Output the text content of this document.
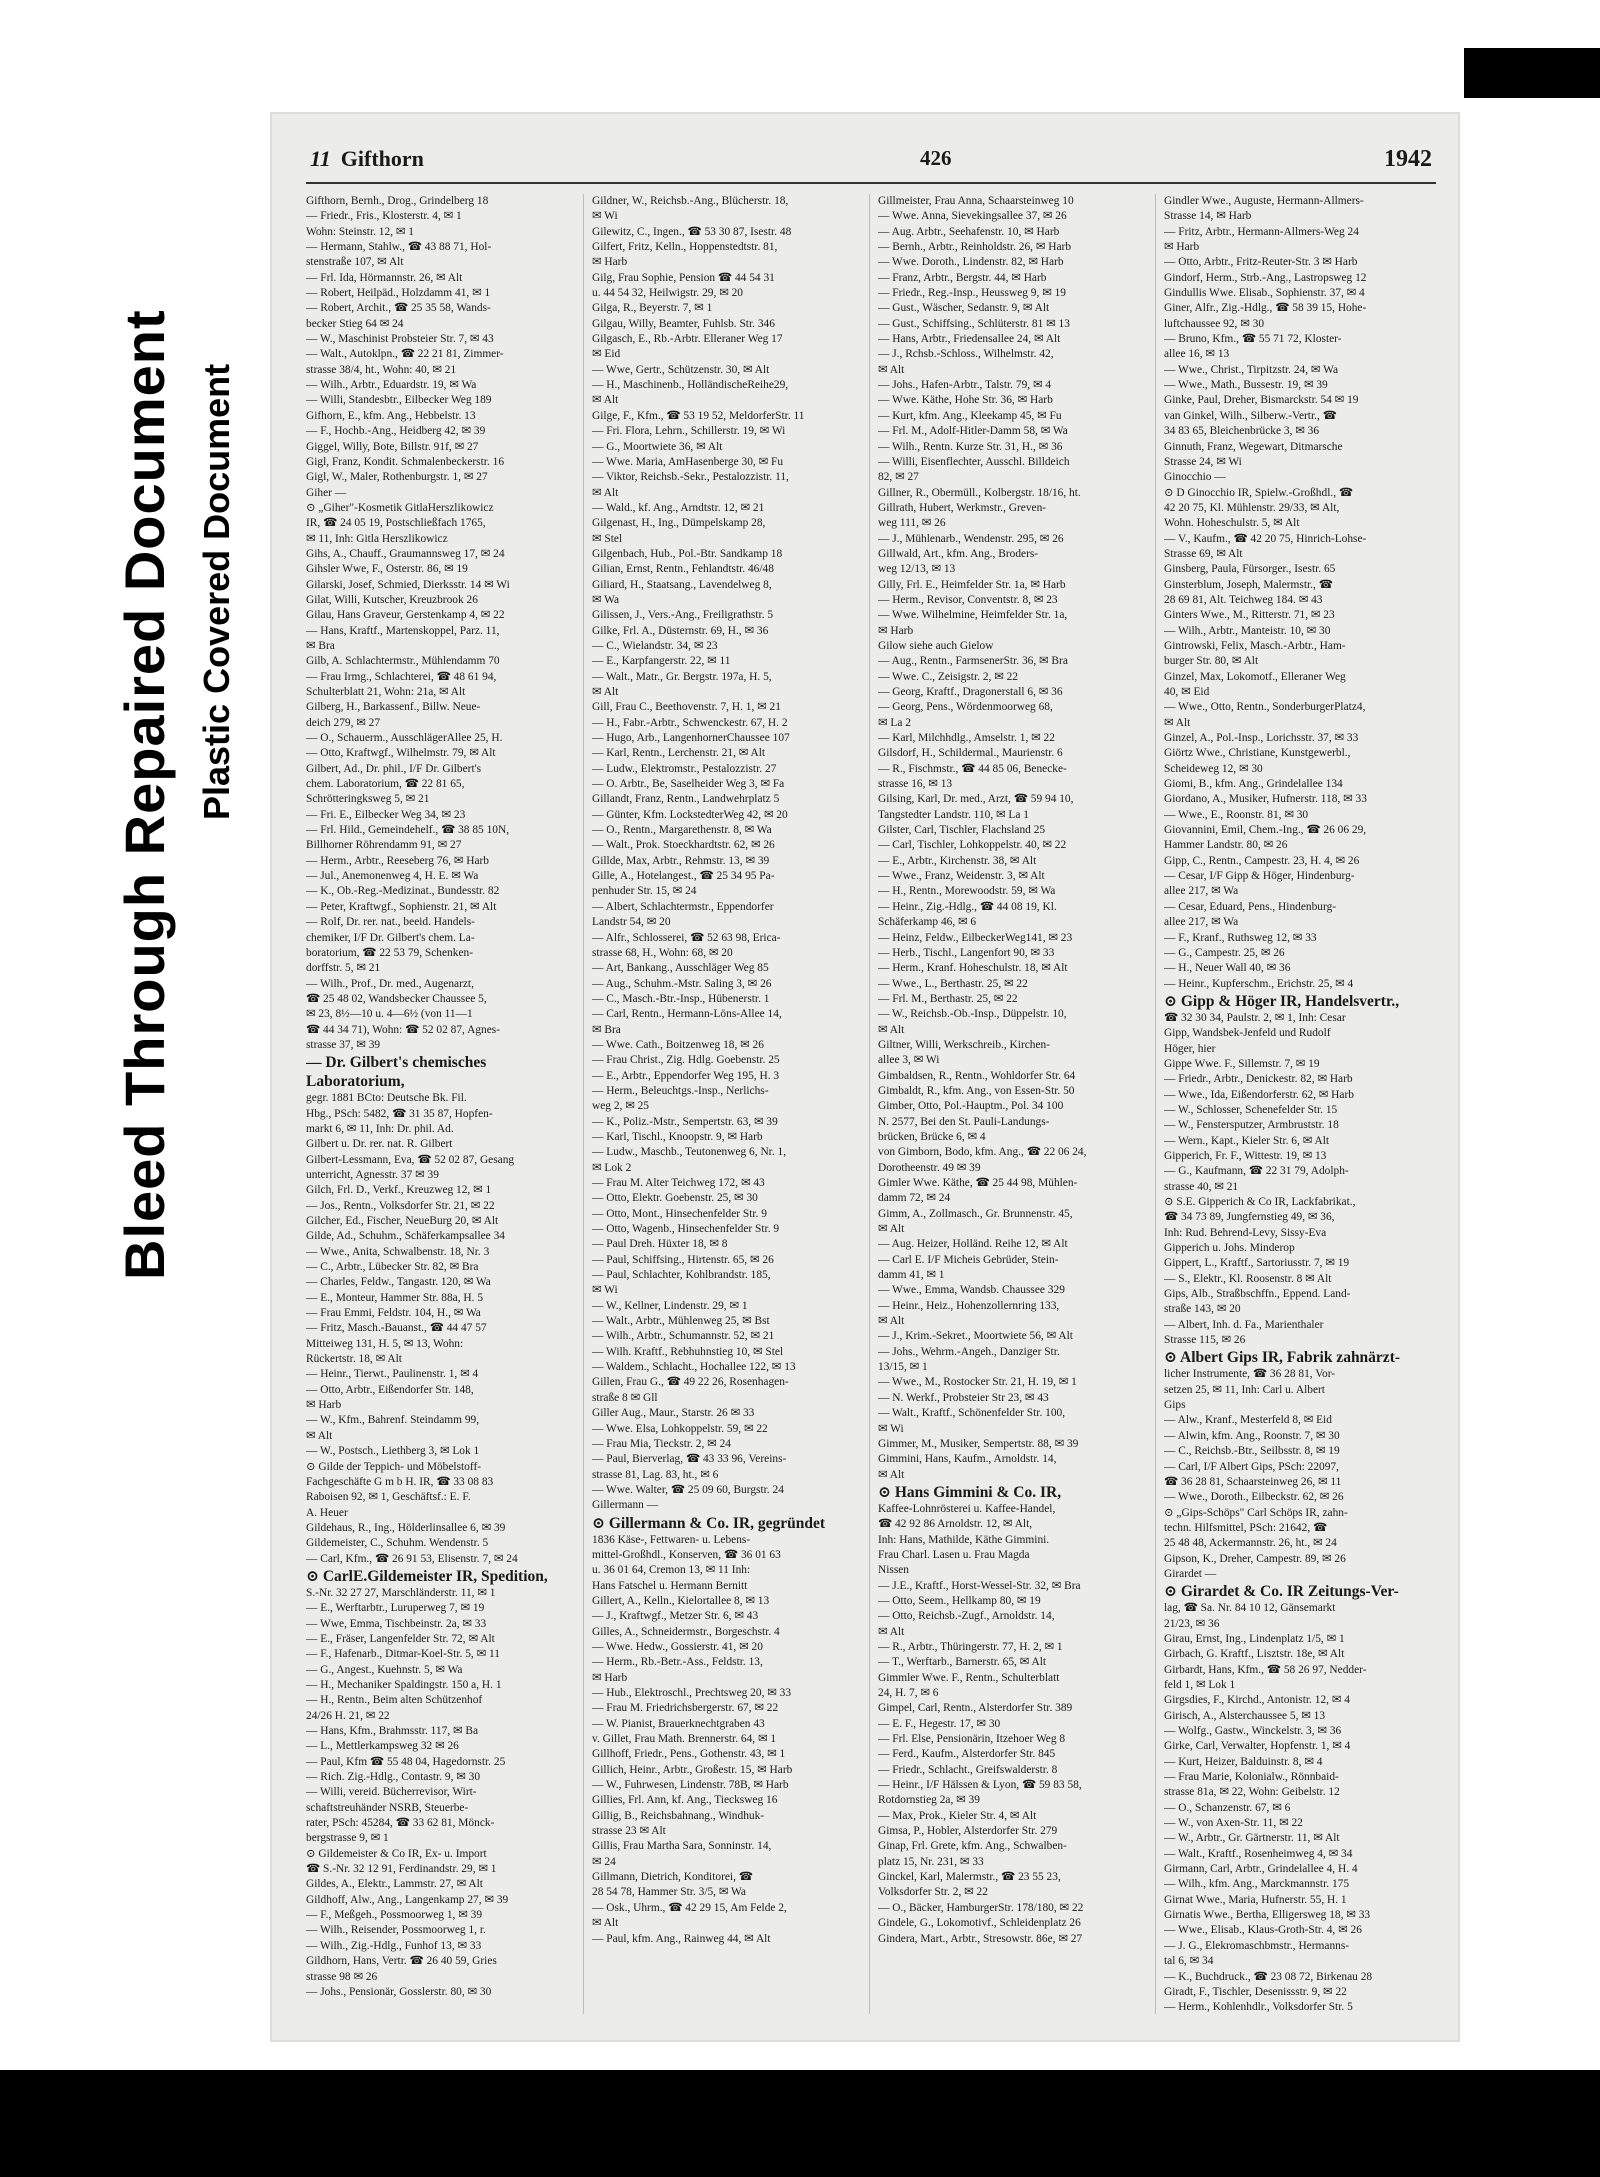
Bleed Through Repaired Document Plastic Covered Document
11 Gifthorn	426	1942
Gifthorn, Bernh., Drog., Grindelberg 18
— Friedr., Fris., Klosterstr. 4, ✉ 1
Wohn: Steinstr. 12, ✉ 1
— Hermann, Stahlw., ☎ 43 88 71, Hol-
stenstraße 107, ✉ Alt
— Frl. Ida, Hörmannstr. 26, ✉ Alt
— Robert, Heilpäd., Holzdamm 41, ✉ 1
— Robert, Archit., ☎ 25 35 58, Wands-
becker Stieg 64 ✉ 24
— W., Maschinist Probsteier Str. 7, ✉ 43
— Walt., Autoklpn., ☎ 22 21 81, Zimmer-
strasse 38/4, ht., Wohn: 40, ✉ 21
— Wilh., Arbtr., Eduardstr. 19, ✉ Wa
— Willi, Standesbtr., Eilbecker Weg 189
Gifhorn, E., kfm. Ang., Hebbelstr. 13
— F., Hochb.-Ang., Heidberg 42, ✉ 39
Giggel, Willy, Bote, Billstr. 91f, ✉ 27
Gigl, Franz, Kondit. Schmalenbeckerstr. 16
Gigl, W., Maler, Rothenburgstr. 1, ✉ 27
Giher —
⊙ „Giher"-Kosmetik GitlaHerszlikowicz
IR, ☎ 24 05 19, Postschließfach 1765,
✉ 11, Inh: Gitla Herszlikowicz
Gihs, A., Chauff., Graumannsweg 17, ✉ 24
Gihsler Wwe, F., Osterstr. 86, ✉ 19
Gilarski, Josef, Schmied, Dierksstr. 14 ✉ Wi
Gilat, Willi, Kutscher, Kreuzbrook 26
Gilau, Hans Graveur, Gerstenkamp 4, ✉ 22
— Hans, Kraftf., Martenskoppel, Parz. 11,
✉ Bra
Gilb, A. Schlachtermstr., Mühlendamm 70
— Frau Irmg., Schlachterei, ☎ 48 61 94,
Schulterblatt 21, Wohn: 21a, ✉ Alt
Gilberg, H., Barkassenf., Billw. Neue-
deich 279, ✉ 27
— O., Schauerm., AusschlägerAllee 25, H.
— Otto, Kraftwgf., Wilhelmstr. 79, ✉ Alt
Gilbert, Ad., Dr. phil., I/F Dr. Gilbert's
chem. Laboratorium, ☎ 22 81 65,
Schrötteringksweg 5, ✉ 21
— Fri. E., Eilbecker Weg 34, ✉ 23
— Frl. Hild., Gemeindehelf., ☎ 38 85 10N,
Billhorner Röhrendamm 91, ✉ 27
— Herm., Arbtr., Reeseberg 76, ✉ Harb
— Jul., Anemonenweg 4, H. E. ✉ Wa
— K., Ob.-Reg.-Medizinat., Bundesstr. 82
— Peter, Kraftwgf., Sophienstr. 21, ✉ Alt
— Rolf, Dr. rer. nat., beeid. Handels-
chemiker, I/F Dr. Gilbert's chem. La-
boratorium, ☎ 22 53 79, Schenken-
dorffstr. 5, ✉ 21
— Wilh., Prof., Dr. med., Augenarzt,
☎ 25 48 02, Wandsbecker Chaussee 5,
✉ 23, 8½—10 u. 4—6½ (von 11—1
☎ 44 34 71), Wohn: ☎ 52 02 87, Agnes-
strasse 37, ✉ 39
— Dr. Gilbert's chemisches
Laboratorium,
gegr. 1881 BCto: Deutsche Bk. Fil.
Hbg., PSch: 5482, ☎ 31 35 87, Hopfen-
markt 6, ✉ 11, Inh: Dr. phil. Ad.
Gilbert u. Dr. rer. nat. R. Gilbert
Gilbert-Lessmann, Eva, ☎ 52 02 87, Gesang
unterricht, Agnesstr. 37 ✉ 39
Gilch, Frl. D., Verkf., Kreuzweg 12, ✉ 1
— Jos., Rentn., Volksdorfer Str. 21, ✉ 22
Gilcher, Ed., Fischer, NeueBurg 20, ✉ Alt
Gilde, Ad., Schuhm., Schäferkampsallee 34
— Wwe., Anita, Schwalbenstr. 18, Nr. 3
— C., Arbtr., Lübecker Str. 82, ✉ Bra
— Charles, Feldw., Tangastr. 120, ✉ Wa
— E., Monteur, Hammer Str. 88a, H. 5
— Frau Emmi, Feldstr. 104, H., ✉ Wa
— Fritz, Masch.-Bauanst., ☎ 44 47 57
Mitteiweg 131, H. 5, ✉ 13, Wohn:
Rückertstr. 18, ✉ Alt
— Heinr., Tierwt., Paulinenstr. 1, ✉ 4
— Otto, Arbtr., Eißendorfer Str. 148,
✉ Harb
— W., Kfm., Bahrenf. Steindamm 99,
✉ Alt
— W., Postsch., Liethberg 3, ✉ Lok 1
⊙ Gilde der Teppich- und Möbelstoff-
Fachgeschäfte G m b H. IR, ☎ 33 08 83
Raboisen 92, ✉ 1, Geschäftsf.: E. F.
A. Heuer
Gildehaus, R., Ing., Hölderlinsallee 6, ✉ 39
Gildemeister, C., Schuhm. Wendenstr. 5
— Carl, Kfm., ☎ 26 91 53, Elisenstr. 7, ✉ 24
⊙ CarlE.Gildemeister IR, Spedition,
S.-Nr. 32 27 27, Marschländerstr. 11, ✉ 1
— E., Werftarbtr., Luruperweg 7, ✉ 19
— Wwe, Emma, Tischbeinstr. 2a, ✉ 33
— E., Fräser, Langenfelder Str. 72, ✉ Alt
— F., Hafenarb., Ditmar-Koel-Str. 5, ✉ 11
— G., Angest., Kuehnstr. 5, ✉ Wa
— H., Mechaniker Spaldingstr. 150 a, H. 1
— H., Rentn., Beim alten Schützenhof
24/26 H. 21, ✉ 22
— Hans, Kfm., Brahmsstr. 117, ✉ Ba
— L., Mettlerkampsweg 32 ✉ 26
— Paul, Kfm ☎ 55 48 04, Hagedornstr. 25
— Rich. Zig.-Hdlg., Contastr. 9, ✉ 30
— Willi, vereid. Bücherrevisor, Wirt-
schaftstreuhänder NSRB, Steuerbe-
rater, PSch: 45284, ☎ 33 62 81, Mönck-
bergstrasse 9, ✉ 1
⊙ Gildemeister & Co IR, Ex- u. Import
☎ S.-Nr. 32 12 91, Ferdinandstr. 29, ✉ 1
Gildes, A., Elektr., Lammstr. 27, ✉ Alt
Gildhoff, Alw., Ang., Langenkamp 27, ✉ 39
— F., Meßgeh., Possmoorweg 1, ✉ 39
— Wilh., Reisender, Possmoorweg 1, r.
— Wilh., Zig.-Hdlg., Funhof 13, ✉ 33
Gildhorn, Hans, Vertr. ☎ 26 40 59, Gries
strasse 98 ✉ 26
— Johs., Pensionär, Gosslerstr. 80, ✉ 30
Gildner, W., Reichsb.-Ang., Blücherstr. 18,
✉ Wi
Gilewitz, C., Ingen., ☎ 53 30 87, Isestr. 48
Gilfert, Fritz, Kelln., Hoppenstedtstr. 81,
✉ Harb
Gilg, Frau Sophie, Pension ☎ 44 54 31
u. 44 54 32, Heilwigstr. 29, ✉ 20
Gilga, R., Beyerstr. 7, ✉ 1
Gilgau, Willy, Beamter, Fuhlsb. Str. 346
Gilgasch, E., Rb.-Arbtr. Elleraner Weg 17
✉ Eid
— Wwe, Gertr., Schützenstr. 30, ✉ Alt
— H., Maschinenb., HolländischeReihe29,
✉ Alt
Gilge, F., Kfm., ☎ 53 19 52, MeldorferStr. 11
— Fri. Flora, Lehrn., Schillerstr. 19, ✉ Wi
— G., Moortwiete 36, ✉ Alt
— Wwe. Maria, AmHasenberge 30, ✉ Fu
— Viktor, Reichsb.-Sekr., Pestalozzistr. 11,
✉ Alt
— Wald., kf. Ang., Arndtstr. 12, ✉ 21
Gilgenast, H., Ing., Dümpelskamp 28,
✉ Stel
Gilgenbach, Hub., Pol.-Btr. Sandkamp 18
Gilian, Ernst, Rentn., Fehlandtstr. 46/48
Giliard, H., Staatsang., Lavendelweg 8,
✉ Wa
Gilissen, J., Vers.-Ang., Freiligrathstr. 5
Gilke, Frl. A., Düsternstr. 69, H., ✉ 36
— C., Wielandstr. 34, ✉ 23
— E., Karpfangerstr. 22, ✉ 11
— Walt., Matr., Gr. Bergstr. 197a, H. 5,
✉ Alt
Gill, Frau C., Beethovenstr. 7, H. 1, ✉ 21
— H., Fabr.-Arbtr., Schwenckestr. 67, H. 2
— Hugo, Arb., LangenhornerChaussee 107
— Karl, Rentn., Lerchenstr. 21, ✉ Alt
— Ludw., Elektromstr., Pestalozzistr. 27
— O. Arbtr., Be, Saselheider Weg 3, ✉ Fa
Gillandt, Franz, Rentn., Landwehrplatz 5
— Günter, Kfm. LockstedterWeg 42, ✉ 20
— O., Rentn., Margarethenstr. 8, ✉ Wa
— Walt., Prok. Stoeckhardtstr. 62, ✉ 26
Gillde, Max, Arbtr., Rehmstr. 13, ✉ 39
Gille, A., Hotelangest., ☎ 25 34 95 Pa-
penhuder Str. 15, ✉ 24
— Albert, Schlachtermstr., Eppendorfer
Landstr 54, ✉ 20
— Alfr., Schlosserei, ☎ 52 63 98, Erica-
strasse 68, H., Wohn: 68, ✉ 20
— Art, Bankang., Ausschläger Weg 85
— Aug., Schuhm.-Mstr. Saling 3, ✉ 26
— C., Masch.-Btr.-Insp., Hübenerstr. 1
— Carl, Rentn., Hermann-Löns-Allee 14,
✉ Bra
— Wwe. Cath., Boitzenweg 18, ✉ 26
— Frau Christ., Zig. Hdlg. Goebenstr. 25
— E., Arbtr., Eppendorfer Weg 195, H. 3
— Herm., Beleuchtgs.-Insp., Nerlichs-
weg 2, ✉ 25
— K., Poliz.-Mstr., Sempertstr. 63, ✉ 39
— Karl, Tischl., Knoopstr. 9, ✉ Harb
— Ludw., Maschb., Teutonenweg 6, Nr. 1,
✉ Lok 2
— Frau M. Alter Teichweg 172, ✉ 43
— Otto, Elektr. Goebenstr. 25, ✉ 30
— Otto, Mont., Hinsechenfelder Str. 9
— Otto, Wagenb., Hinsechenfelder Str. 9
— Paul Dreh. Hüxter 18, ✉ 8
— Paul, Schiffsing., Hirtenstr. 65, ✉ 26
— Paul, Schlachter, Kohlbrandstr. 185,
✉ Wi
— W., Kellner, Lindenstr. 29, ✉ 1
— Walt., Arbtr., Mühlenweg 25, ✉ Bst
— Wilh., Arbtr., Schumannstr. 52, ✉ 21
— Wilh. Kraftf., Rebhuhnstieg 10, ✉ Stel
— Waldem., Schlacht., Hochallee 122, ✉ 13
Gillen, Frau G., ☎ 49 22 26, Rosenhagen-
straße 8 ✉ Gll
Giller Aug., Maur., Starstr. 26 ✉ 33
— Wwe. Elsa, Lohkoppelstr. 59, ✉ 22
— Frau Mia, Tieckstr. 2, ✉ 24
— Paul, Bierverlag, ☎ 43 33 96, Vereins-
strasse 81, Lag. 83, ht., ✉ 6
— Wwe. Walter, ☎ 25 09 60, Burgstr. 24
Gillermann —
⊙ Gillermann & Co. IR, gegründet
1836 Käse-, Fettwaren- u. Lebens-
mittel-Großhdl., Konserven, ☎ 36 01 63
u. 36 01 64, Cremon 13, ✉ 11 Inh:
Hans Fatschel u. Hermann Bernitt
Gillert, A., Kelln., Kielortallee 8, ✉ 13
— J., Kraftwgf., Metzer Str. 6, ✉ 43
Gilles, A., Schneidermstr., Borgeschstr. 4
— Wwe. Hedw., Gossierstr. 41, ✉ 20
— Herm., Rb.-Betr.-Ass., Feldstr. 13,
✉ Harb
— Hub., Elektroschl., Prechtsweg 20, ✉ 33
— Frau M. Friedrichsbergerstr. 67, ✉ 22
— W. Pianist, Brauerknechtgraben 43
v. Gillet, Frau Math. Brennerstr. 64, ✉ 1
Gillhoff, Friedr., Pens., Gothenstr. 43, ✉ 1
Gillich, Heinr., Arbtr., Großestr. 15, ✉ Harb
— W., Fuhrwesen, Lindenstr. 78B, ✉ Harb
Gillies, Frl. Ann, kf. Ang., Tiecksweg 16
Gillig, B., Reichsbahnang., Windhuk-
strasse 23 ✉ Alt
Gillis, Frau Martha Sara, Sonninstr. 14,
✉ 24
Gillmann, Dietrich, Konditorei, ☎
28 54 78, Hammer Str. 3/5, ✉ Wa
— Osk., Uhrm., ☎ 42 29 15, Am Felde 2,
✉ Alt
— Paul, kfm. Ang., Rainweg 44, ✉ Alt
Gillmeister, Frau Anna, Schaarsteinweg 10
— Wwe. Anna, Sievekingsallee 37, ✉ 26
— Aug. Arbtr., Seehafenstr. 10, ✉ Harb
— Bernh., Arbtr., Reinholdstr. 26, ✉ Harb
— Wwe. Doroth., Lindenstr. 82, ✉ Harb
— Franz, Arbtr., Bergstr. 44, ✉ Harb
— Friedr., Reg.-Insp., Heussweg 9, ✉ 19
— Gust., Wäscher, Sedanstr. 9, ✉ Alt
— Gust., Schiffsing., Schlüterstr. 81 ✉ 13
— Hans, Arbtr., Friedensallee 24, ✉ Alt
— J., Rchsb.-Schloss., Wilhelmstr. 42,
✉ Alt
— Johs., Hafen-Arbtr., Talstr. 79, ✉ 4
— Wwe. Käthe, Hohe Str. 36, ✉ Harb
— Kurt, kfm. Ang., Kleekamp 45, ✉ Fu
— Frl. M., Adolf-Hitler-Damm 58, ✉ Wa
— Wilh., Rentn. Kurze Str. 31, H., ✉ 36
— Willi, Eisenflechter, Ausschl. Billdeich
82, ✉ 27
Gillner, R., Obermüll., Kolbergstr. 18/16, ht.
Gillrath, Hubert, Werkmstr., Greven-
weg 111, ✉ 26
— J., Mühlenarb., Wendenstr. 295, ✉ 26
Gillwald, Art., kfm. Ang., Broders-
weg 12/13, ✉ 13
Gilly, Frl. E., Heimfelder Str. 1a, ✉ Harb
— Herm., Revisor, Conventstr. 8, ✉ 23
— Wwe. Wilhelmine, Heimfelder Str. 1a,
✉ Harb
Gilow siehe auch Gielow
— Aug., Rentn., FarmsenerStr. 36, ✉ Bra
— Wwe. C., Zeisigstr. 2, ✉ 22
— Georg, Kraftf., Dragonerstall 6, ✉ 36
— Georg, Pens., Wördenmoorweg 68,
✉ La 2
— Karl, Milchhdlg., Amselstr. 1, ✉ 22
Gilsdorf, H., Schildermal., Maurienstr. 6
— R., Fischmstr., ☎ 44 85 06, Benecke-
strasse 16, ✉ 13
Gilsing, Karl, Dr. med., Arzt, ☎ 59 94 10,
Tangstedter Landstr. 110, ✉ La 1
Gilster, Carl, Tischler, Flachsland 25
— Carl, Tischler, Lohkoppelstr. 40, ✉ 22
— E., Arbtr., Kirchenstr. 38, ✉ Alt
— Wwe., Franz, Weidenstr. 3, ✉ Alt
— H., Rentn., Morewoodstr. 59, ✉ Wa
— Heinr., Zig.-Hdlg., ☎ 44 08 19, Kl.
Schäferkamp 46, ✉ 6
— Heinz, Feldw., EilbeckerWeg141, ✉ 23
— Herb., Tischl., Langenfort 90, ✉ 33
— Herm., Kranf. Hoheschulstr. 18, ✉ Alt
— Wwe., L., Berthastr. 25, ✉ 22
— Frl. M., Berthastr. 25, ✉ 22
— W., Reichsb.-Ob.-Insp., Düppelstr. 10,
✉ Alt
Giltner, Willi, Werkschreib., Kirchen-
allee 3, ✉ Wi
Gimbaldsen, R., Rentn., Wohldorfer Str. 64
Gimbaldt, R., kfm. Ang., von Essen-Str. 50
Gimber, Otto, Pol.-Hauptm., Pol. 34 100
N. 2577, Bei den St. Pauli-Landungs-
brücken, Brücke 6, ✉ 4
von Gimborn, Bodo, kfm. Ang., ☎ 22 06 24,
Dorotheenstr. 49 ✉ 39
Gimler Wwe. Käthe, ☎ 25 44 98, Mühlen-
damm 72, ✉ 24
Gimm, A., Zollmasch., Gr. Brunnenstr. 45,
✉ Alt
— Aug. Heizer, Holländ. Reihe 12, ✉ Alt
— Carl E. I/F Micheis Gebrüder, Stein-
damm 41, ✉ 1
— Wwe., Emma, Wandsb. Chaussee 329
— Heinr., Heiz., Hohenzollernring 133,
✉ Alt
— J., Krim.-Sekret., Moortwiete 56, ✉ Alt
— Johs., Wehrm.-Angeh., Danziger Str.
13/15, ✉ 1
— Wwe., M., Rostocker Str. 21, H. 19, ✉ 1
— N. Werkf., Probsteier Str 23, ✉ 43
— Walt., Kraftf., Schönenfelder Str. 100,
✉ Wi
Gimmer, M., Musiker, Sempertstr. 88, ✉ 39
Gimmini, Hans, Kaufm., Arnoldstr. 14,
✉ Alt
⊙ Hans Gimmini & Co. IR,
Kaffee-Lohnrösterei u. Kaffee-Handel,
☎ 42 92 86 Arnoldstr. 12, ✉ Alt,
Inh: Hans, Mathilde, Käthe Gimmini.
Frau Charl. Lasen u. Frau Magda
Nissen
— J.E., Kraftf., Horst-Wessel-Str. 32, ✉ Bra
— Otto, Seem., Hellkamp 80, ✉ 19
— Otto, Reichsb.-Zugf., Arnoldstr. 14,
✉ Alt
— R., Arbtr., Thüringerstr. 77, H. 2, ✉ 1
— T., Werftarb., Barnerstr. 65, ✉ Alt
Gimmler Wwe. F., Rentn., Schulterblatt
24, H. 7, ✉ 6
Gimpel, Carl, Rentn., Alsterdorfer Str. 389
— E. F., Hegestr. 17, ✉ 30
— Frl. Else, Pensionärin, Itzehoer Weg 8
— Ferd., Kaufm., Alsterdorfer Str. 845
— Friedr., Schlacht., Greifswalderstr. 8
— Heinr., I/F Hälssen & Lyon, ☎ 59 83 58,
Rotdornstieg 2a, ✉ 39
— Max, Prok., Kieler Str. 4, ✉ Alt
Gimsa, P., Hobler, Alsterdorfer Str. 279
Ginap, Frl. Grete, kfm. Ang., Schwalben-
platz 15, Nr. 231, ✉ 33
Ginckel, Karl, Malermstr., ☎ 23 55 23,
Volksdorfer Str. 2, ✉ 22
— O., Bäcker, HamburgerStr. 178/180, ✉ 22
Gindele, G., Lokomotivf., Schleidenplatz 26
Gindera, Mart., Arbtr., Stresowstr. 86e, ✉ 27
Gindler Wwe., Auguste, Hermann-Allmers-
Strasse 14, ✉ Harb
— Fritz, Arbtr., Hermann-Allmers-Weg 24
✉ Harb
— Otto, Arbtr., Fritz-Reuter-Str. 3 ✉ Harb
Gindorf, Herm., Strb.-Ang., Lastropsweg 12
Gindullis Wwe. Elisab., Sophienstr. 37, ✉ 4
Giner, Alfr., Zig.-Hdlg., ☎ 58 39 15, Hohe-
luftchaussee 92, ✉ 30
— Bruno, Kfm., ☎ 55 71 72, Kloster-
allee 16, ✉ 13
— Wwe., Christ., Tirpitzstr. 24, ✉ Wa
— Wwe., Math., Bussestr. 19, ✉ 39
Ginke, Paul, Dreher, Bismarckstr. 54 ✉ 19
van Ginkel, Wilh., Silberw.-Vertr., ☎
34 83 65, Bleichenbrücke 3, ✉ 36
Ginnuth, Franz, Wegewart, Ditmarsche
Strasse 24, ✉ Wi
Ginocchio —
⊙ D Ginocchio IR, Spielw.-Großhdl., ☎
42 20 75, Kl. Mühlenstr. 29/33, ✉ Alt,
Wohn. Hoheschulstr. 5, ✉ Alt
— V., Kaufm., ☎ 42 20 75, Hinrich-Lohse-
Strasse 69, ✉ Alt
Ginsberg, Paula, Fürsorger., Isestr. 65
Ginsterblum, Joseph, Malermstr., ☎
28 69 81, Alt. Teichweg 184. ✉ 43
Ginters Wwe., M., Ritterstr. 71, ✉ 23
— Wilh., Arbtr., Manteistr. 10, ✉ 30
Gintrowski, Felix, Masch.-Arbtr., Ham-
burger Str. 80, ✉ Alt
Ginzel, Max, Lokomotf., Elleraner Weg
40, ✉ Eid
— Wwe., Otto, Rentn., SonderburgerPlatz4,
✉ Alt
Ginzel, A., Pol.-Insp., Lorichsstr. 37, ✉ 33
Giörtz Wwe., Christiane, Kunstgewerbl.,
Scheideweg 12, ✉ 30
Giomi, B., kfm. Ang., Grindelallee 134
Giordano, A., Musiker, Hufnerstr. 118, ✉ 33
— Wwe., E., Roonstr. 81, ✉ 30
Giovannini, Emil, Chem.-Ing., ☎ 26 06 29,
Hammer Landstr. 80, ✉ 26
Gipp, C., Rentn., Campestr. 23, H. 4, ✉ 26
— Cesar, I/F Gipp & Höger, Hindenburg-
allee 217, ✉ Wa
— Cesar, Eduard, Pens., Hindenburg-
allee 217, ✉ Wa
— F., Kranf., Ruthsweg 12, ✉ 33
— G., Campestr. 25, ✉ 26
— H., Neuer Wall 40, ✉ 36
— Heinr., Kupferschm., Erichstr. 25, ✉ 4
⊙ Gipp & Höger IR, Handelsvertr.,
☎ 32 30 34, Paulstr. 2, ✉ 1, Inh: Cesar
Gipp, Wandsbek-Jenfeld und Rudolf
Höger, hier
Gippe Wwe. F., Sillemstr. 7, ✉ 19
— Friedr., Arbtr., Denickestr. 82, ✉ Harb
— Wwe., Ida, Eißendorferstr. 62, ✉ Harb
— W., Schlosser, Schenefelder Str. 15
— W., Fenstersputzer, Armbruststr. 18
— Wern., Kapt., Kieler Str. 6, ✉ Alt
Gipperich, Fr. F., Wittestr. 19, ✉ 13
— G., Kaufmann, ☎ 22 31 79, Adolph-
strasse 40, ✉ 21
⊙ S.E. Gipperich & Co IR, Lackfabrikat.,
☎ 34 73 89, Jungfernstieg 49, ✉ 36,
Inh: Rud. Behrend-Levy, Sissy-Eva
Gipperich u. Johs. Minderop
Gippert, L., Kraftf., Sartoriusstr. 7, ✉ 19
— S., Elektr., Kl. Roosenstr. 8 ✉ Alt
Gips, Alb., Straßbschffn., Eppend. Land-
straße 143, ✉ 20
— Albert, Inh. d. Fa., Marienthaler
Strasse 115, ✉ 26
⊙ Albert Gips IR, Fabrik zahnärzt-
licher Instrumente, ☎ 36 28 81, Vor-
setzen 25, ✉ 11, Inh: Carl u. Albert
Gips
— Alw., Kranf., Mesterfeld 8, ✉ Eid
— Alwin, kfm. Ang., Roonstr. 7, ✉ 30
— C., Reichsb.-Btr., Seilbsstr. 8, ✉ 19
— Carl, I/F Albert Gips, PSch: 22097,
☎ 36 28 81, Schaarsteinweg 26, ✉ 11
— Wwe., Doroth., Eilbeckstr. 62, ✉ 26
⊙ „Gips-Schöps" Carl Schöps IR, zahn-
techn. Hilfsmittel, PSch: 21642, ☎
25 48 48, Ackermannstr. 26, ht., ✉ 24
Gipson, K., Dreher, Campestr. 89, ✉ 26
Girardet —
⊙ Girardet & Co. IR Zeitungs-Ver-
lag, ☎ Sa. Nr. 84 10 12, Gänsemarkt
21/23, ✉ 36
Girau, Ernst, Ing., Lindenplatz 1/5, ✉ 1
Girbach, G. Kraftf., Lisztstr. 18e, ✉ Alt
Girbardt, Hans, Kfm., ☎ 58 26 97, Nedder-
feld 1, ✉ Lok 1
Girgsdies, F., Kirchd., Antonistr. 12, ✉ 4
Girisch, A., Alsterchaussee 5, ✉ 13
— Wolfg., Gastw., Winckelstr. 3, ✉ 36
Girke, Carl, Verwalter, Hopfenstr. 1, ✉ 4
— Kurt, Heizer, Balduinstr. 8, ✉ 4
— Frau Marie, Kolonialw., Rönnbaid-
strasse 81a, ✉ 22, Wohn: Geibelstr. 12
— O., Schanzenstr. 67, ✉ 6
— W., von Axen-Str. 11, ✉ 22
— W., Arbtr., Gr. Gärtnerstr. 11, ✉ Alt
— Walt., Kraftf., Rosenheimweg 4, ✉ 34
Girmann, Carl, Arbtr., Grindelallee 4, H. 4
— Wilh., kfm. Ang., Marckmannstr. 175
Girnat Wwe., Maria, Hufnerstr. 55, H. 1
Girnatis Wwe., Bertha, Elligersweg 18, ✉ 33
— Wwe., Elisab., Klaus-Groth-Str. 4, ✉ 26
— J. G., Elekromaschbmstr., Hermanns-
tal 6, ✉ 34
— K., Buchdruck., ☎ 23 08 72, Birkenau 28
Giradt, F., Tischler, Desenissstr. 9, ✉ 22
— Herm., Kohlenhdlr., Volksdorfer Str. 5
